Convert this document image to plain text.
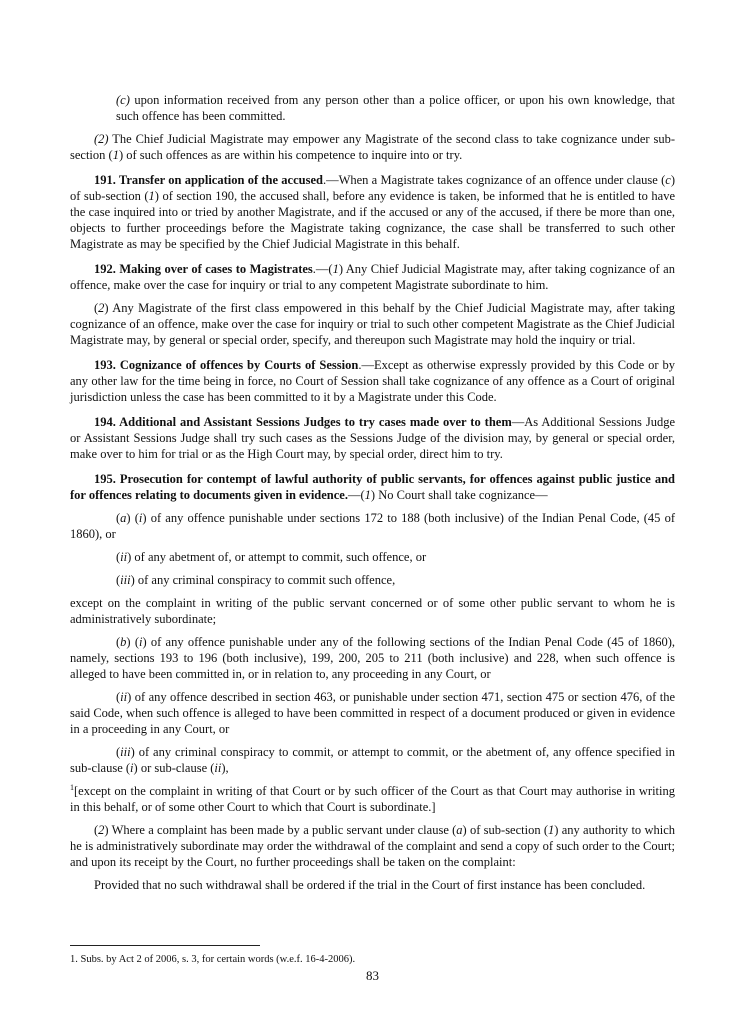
(c) upon information received from any person other than a police officer, or upon his own knowledge, that such offence has been committed.

(2) The Chief Judicial Magistrate may empower any Magistrate of the second class to take cognizance under sub-section (1) of such offences as are within his competence to inquire into or try.

191. Transfer on application of the accused.—When a Magistrate takes cognizance of an offence under clause (c) of sub-section (1) of section 190, the accused shall, before any evidence is taken, be informed that he is entitled to have the case inquired into or tried by another Magistrate, and if the accused or any of the accused, if there be more than one, objects to further proceedings before the Magistrate taking cognizance, the case shall be transferred to such other Magistrate as may be specified by the Chief Judicial Magistrate in this behalf.

192. Making over of cases to Magistrates.—(1) Any Chief Judicial Magistrate may, after taking cognizance of an offence, make over the case for inquiry or trial to any competent Magistrate subordinate to him.

(2) Any Magistrate of the first class empowered in this behalf by the Chief Judicial Magistrate may, after taking cognizance of an offence, make over the case for inquiry or trial to such other competent Magistrate as the Chief Judicial Magistrate may, by general or special order, specify, and thereupon such Magistrate may hold the inquiry or trial.

193. Cognizance of offences by Courts of Session.—Except as otherwise expressly provided by this Code or by any other law for the time being in force, no Court of Session shall take cognizance of any offence as a Court of original jurisdiction unless the case has been committed to it by a Magistrate under this Code.

194. Additional and Assistant Sessions Judges to try cases made over to them—As Additional Sessions Judge or Assistant Sessions Judge shall try such cases as the Sessions Judge of the division may, by general or special order, make over to him for trial or as the High Court may, by special order, direct him to try.

195. Prosecution for contempt of lawful authority of public servants, for offences against public justice and for offences relating to documents given in evidence.—(1) No Court shall take cognizance—

(a) (i) of any offence punishable under sections 172 to 188 (both inclusive) of the Indian Penal Code, (45 of 1860), or

(ii) of any abetment of, or attempt to commit, such offence, or

(iii) of any criminal conspiracy to commit such offence,

except on the complaint in writing of the public servant concerned or of some other public servant to whom he is administratively subordinate;

(b) (i) of any offence punishable under any of the following sections of the Indian Penal Code (45 of 1860), namely, sections 193 to 196 (both inclusive), 199, 200, 205 to 211 (both inclusive) and 228, when such offence is alleged to have been committed in, or in relation to, any proceeding in any Court, or

(ii) of any offence described in section 463, or punishable under section 471, section 475 or section 476, of the said Code, when such offence is alleged to have been committed in respect of a document produced or given in evidence in a proceeding in any Court, or

(iii) of any criminal conspiracy to commit, or attempt to commit, or the abetment of, any offence specified in sub-clause (i) or sub-clause (ii),

$^1$[except on the complaint in writing of that Court or by such officer of the Court as that Court may authorise in writing in this behalf, or of some other Court to which that Court is subordinate.]

(2) Where a complaint has been made by a public servant under clause (a) of sub-section (1) any authority to which he is administratively subordinate may order the withdrawal of the complaint and send a copy of such order to the Court; and upon its receipt by the Court, no further proceedings shall be taken on the complaint:

Provided that no such withdrawal shall be ordered if the trial in the Court of first instance has been concluded.

1. Subs. by Act 2 of 2006, s. 3, for certain words (w.e.f. 16-4-2006).
83
